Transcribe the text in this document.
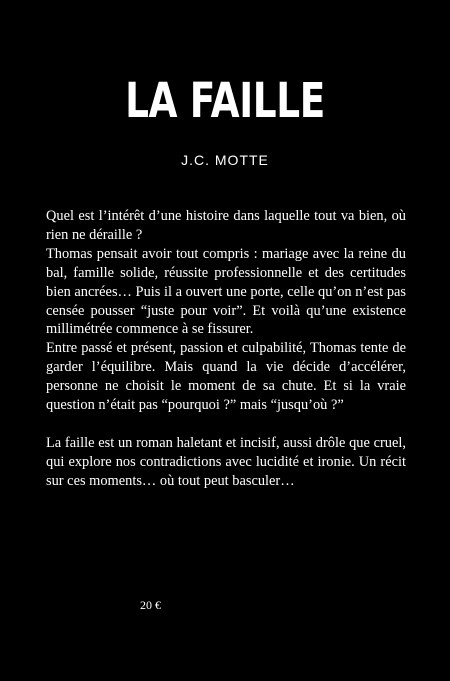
LA FAILLE
J.C. MOTTE

Quel est l’intérêt d’une histoire dans laquelle tout va bien, où rien ne déraille ?

Thomas pensait avoir tout compris : mariage avec la reine du bal, famille solide, réussite professionnelle et des certitudes bien ancrées… Puis il a ouvert une porte, celle qu’on n’est pas censée pousser “juste pour voir”. Et voilà qu’une existence millimétrée commence à se fissurer.

Entre passé et présent, passion et culpabilité, Thomas tente de garder l’équilibre. Mais quand la vie décide d’accélérer, personne ne choisit le moment de sa chute. Et si la vraie question n’était pas “pourquoi ?” mais “jusqu’où ?”

La faille est un roman haletant et incisif, aussi drôle que cruel, qui explore nos contradictions avec lucidité et ironie. Un récit sur ces moments… où tout peut basculer…

20 €
